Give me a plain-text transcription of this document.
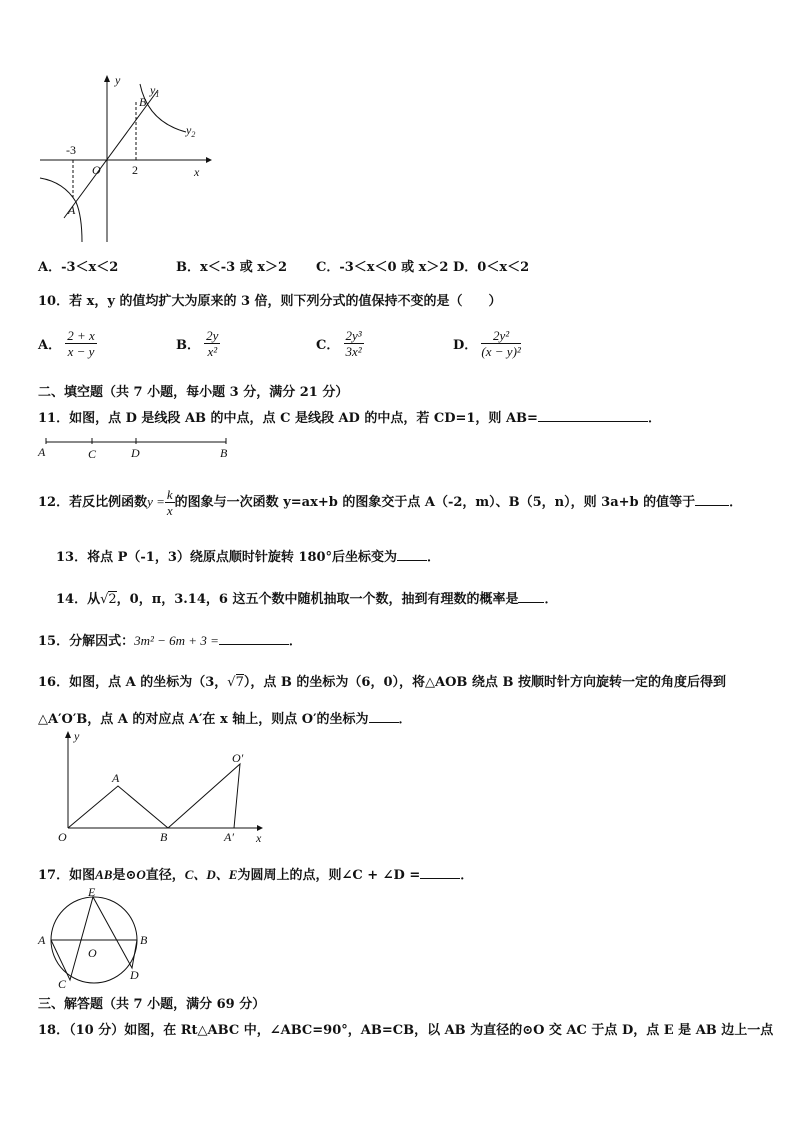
y
$y_1$
$y_2$
B
-3
O	2	x
A
A．-3＜x＜2	B．x＜-3 或 x＞2 C．-3＜x＜0 或 x＞2 D．0＜x＜2
10．若 x，y 的值均扩大为原来的 3 倍，则下列分式的值保持不变的是（　　）
A． $\frac{2 + x}{x - y}$	B． $\frac{2y}{\text{x²}}$	C． $\frac{\text{2y³}}{\text{3x²}}$	D． $\frac{\text{2y²}}{\text{(x − y)²}}$
二、填空题（共 7 小题，每小题 3 分，满分 21 分）
11．如图，点 D 是线段 AB 的中点，点 C 是线段 AD 的中点，若 CD=1，则 AB=	．
A	C	D	B
12．若反比例函数$y = \frac{k}{x}$ 的图象与一次函数 y=ax+b 的图象交于点 A（-2，m）、B（5，n），则 3a+b 的值等于	．
13．将点 P（-1，3）绕原点顺时针旋转 180°后坐标变为 ．
14．从√2，0，π，3.14，6 这五个数中随机抽取一个数，抽到有理数的概率是 ．
15．分解因式：3m² − 6m + 3 =	．
16．如图，点 A 的坐标为（3，√7），点 B 的坐标为（6，0），将△AOB 绕点 B 按顺时针方向旋转一定的角度后得到
△A′O′B，点 A 的对应点 A′在 x 轴上，则点 O′的坐标为 ．
y
A
O′
O	B	A′ x
17．如图AB是⊙O直径，C、D、E为圆周上的点，则∠C + ∠D =	．
E
A	B
O
D
C
三、解答题（共 7 小题，满分 69 分）
18．（10 分）如图，在 Rt△ABC 中，∠ABC=90°，AB=CB，以 AB 为直径的⊙O 交 AC 于点 D，点 E 是 AB 边上一点
